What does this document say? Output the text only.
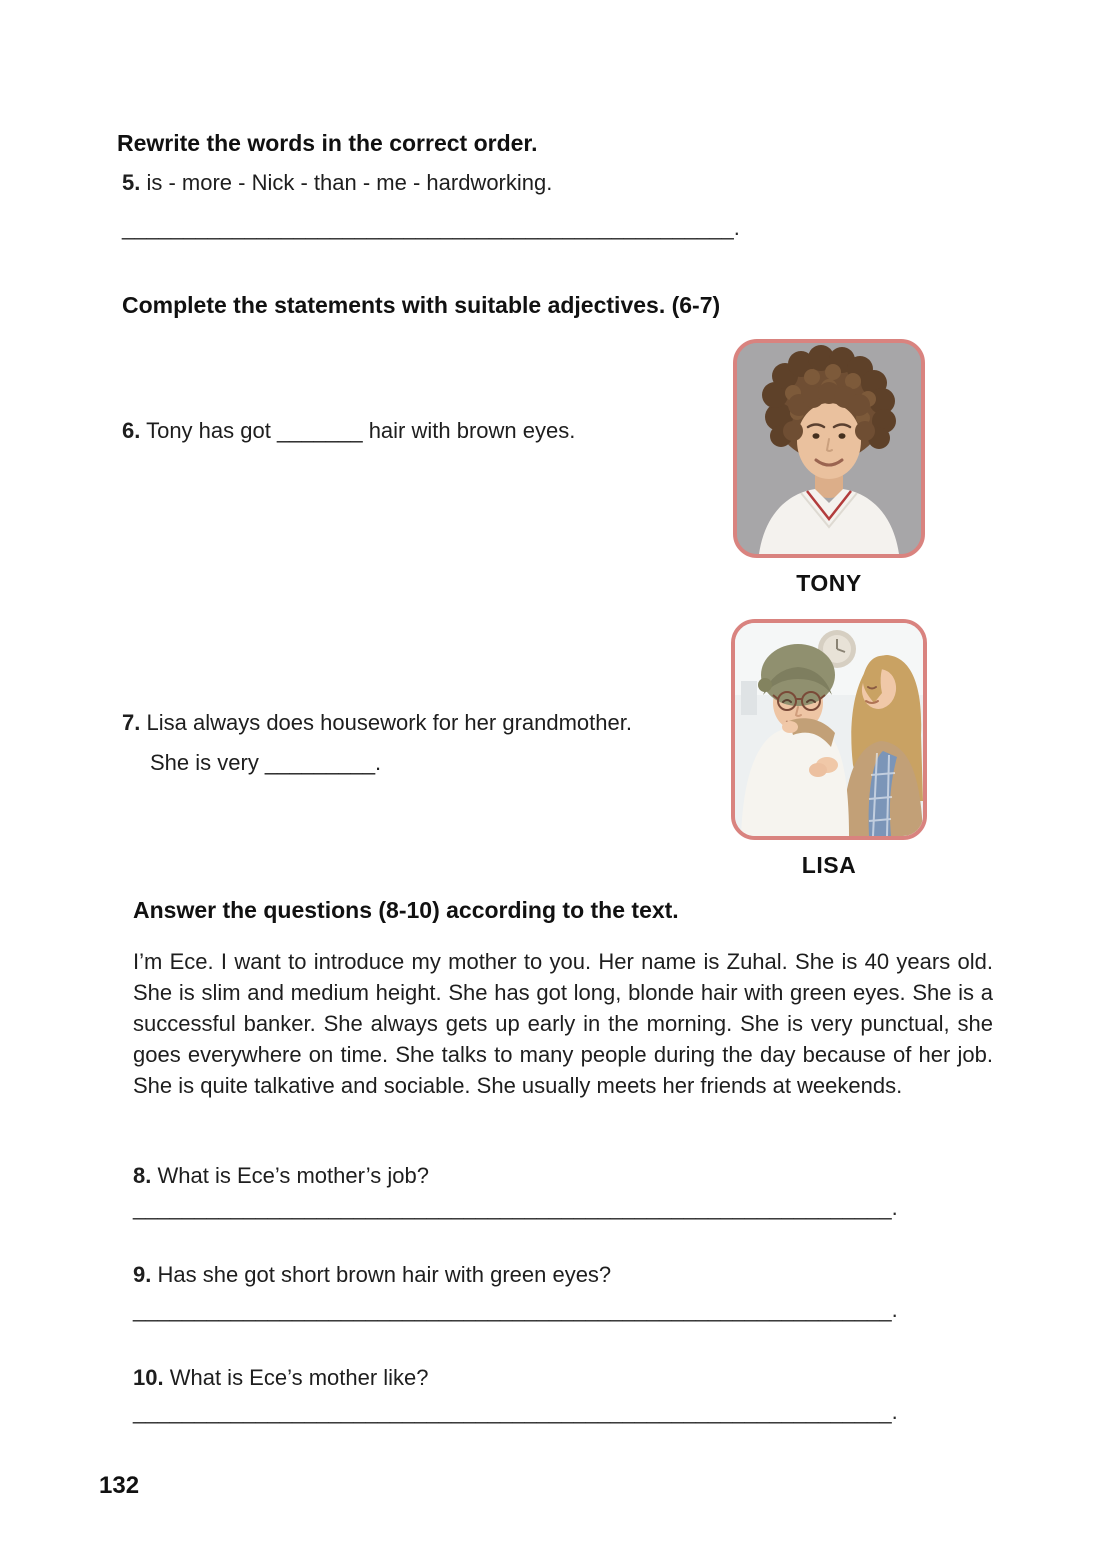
Rewrite the words in the correct order.
5. is - more - Nick - than - me - hardworking.
__________________________________________________.
Complete the statements with suitable adjectives. (6-7)
6. Tony has got _______ hair with brown eyes.
TONY
7. Lisa always does housework for her grandmother.
She is very _________.
LISA
Answer the questions (8-10) according to the text.
I’m Ece. I want to introduce my mother to you. Her name is Zuhal. She is 40 years old. She is slim and medium height. She has got long, blonde hair with green eyes. She is a successful banker. She always gets up early in the morning. She is very punctual, she goes everywhere on time. She talks to many people during the day because of her job. She is quite talkative and sociable. She usually meets her friends at weekends.
8. What is Ece’s mother’s job?
______________________________________________________________.
9. Has she got short brown hair with green eyes?
______________________________________________________________.
10. What is Ece’s mother like?
______________________________________________________________.
132
